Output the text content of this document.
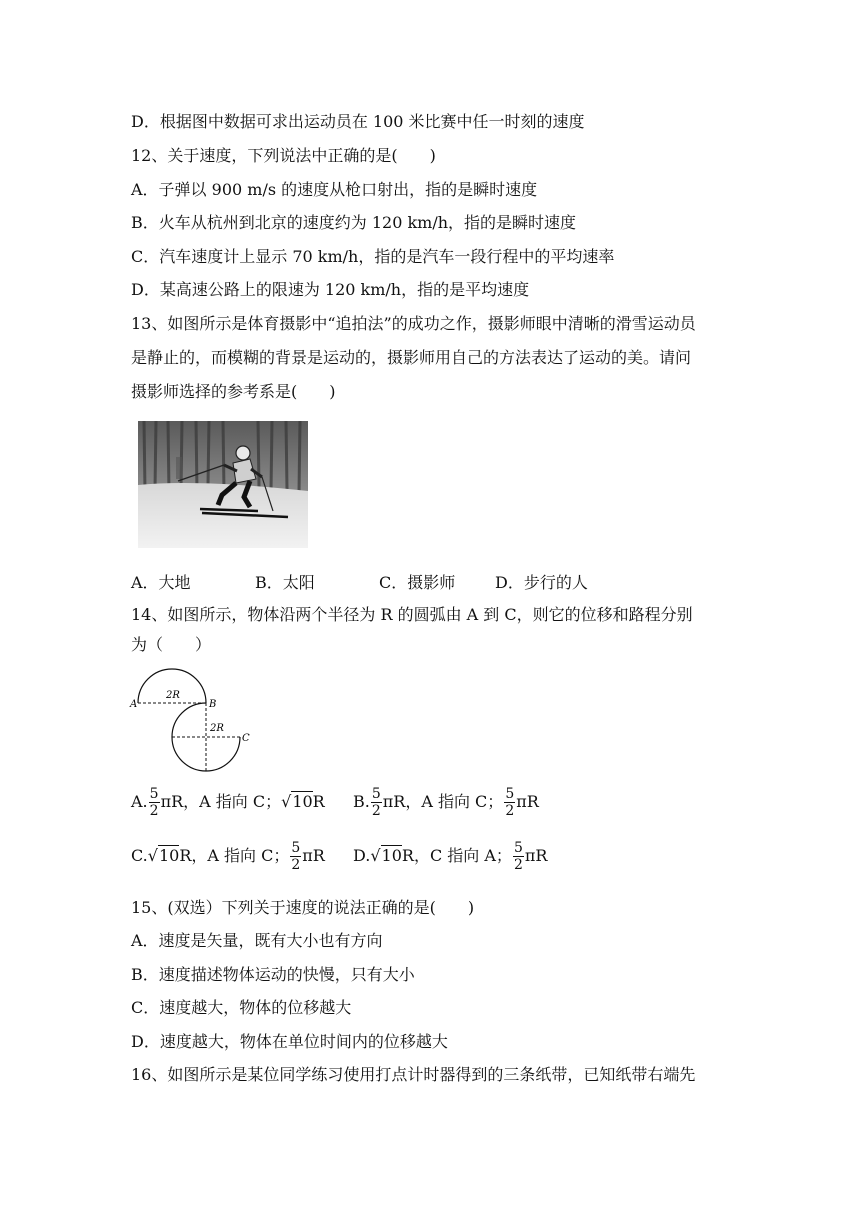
D．根据图中数据可求出运动员在 100 米比赛中任一时刻的速度
12、关于速度，下列说法中正确的是(　　)
A．子弹以 900 m/s 的速度从枪口射出，指的是瞬时速度
B．火车从杭州到北京的速度约为 120 km/h，指的是瞬时速度
C．汽车速度计上显示 70 km/h，指的是汽车一段行程中的平均速率
D．某高速公路上的限速为 120 km/h，指的是平均速度
13、如图所示是体育摄影中“追拍法”的成功之作，摄影师眼中清晰的滑雪运动员
是静止的，而模糊的背景是运动的，摄影师用自己的方法表达了运动的美。请问
摄影师选择的参考系是(　　)
A．大地	B．太阳	C．摄影师 D．步行的人
14、如图所示，物体沿两个半径为 R 的圆弧由 A 到 C，则它的位移和路程分别
为（　　）
A
2R
B
2R
C
A. $\frac{5}{2}$ πR，A 指向 C；√10R B. $\frac{5}{2}$ πR，A 指向 C； $\frac{5}{2}$ πR
C.√10R，A 指向 C； $\frac{5}{2}$ πR D.√10R，C 指向 A； $\frac{5}{2}$ πR
15、(双选）下列关于速度的说法正确的是(　　)
A．速度是矢量，既有大小也有方向
B．速度描述物体运动的快慢，只有大小
C．速度越大，物体的位移越大
D．速度越大，物体在单位时间内的位移越大
16、如图所示是某位同学练习使用打点计时器得到的三条纸带，已知纸带右端先
